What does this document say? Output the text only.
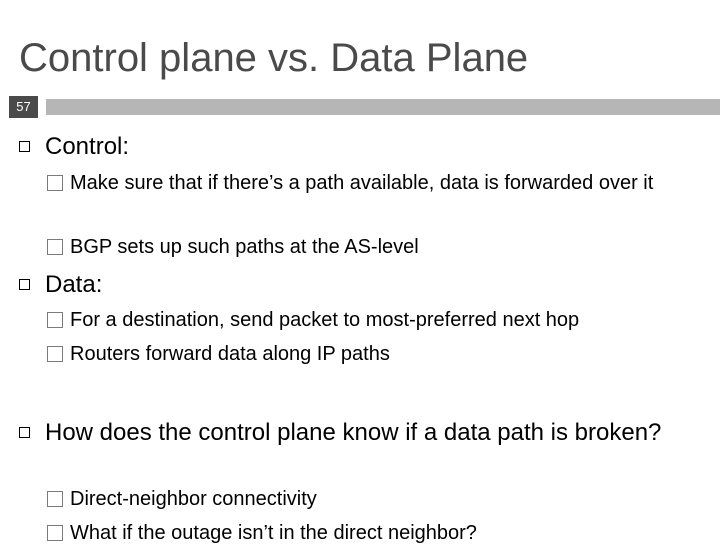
Control plane vs. Data Plane
57
Control:
Make sure that if there’s a path available, data is forwarded over it
BGP sets up such paths at the AS-level
Data:
For a destination, send packet to most-preferred next hop
Routers forward data along IP paths
How does the control plane know if a data path is broken?
Direct-neighbor connectivity
What if the outage isn’t in the direct neighbor?
